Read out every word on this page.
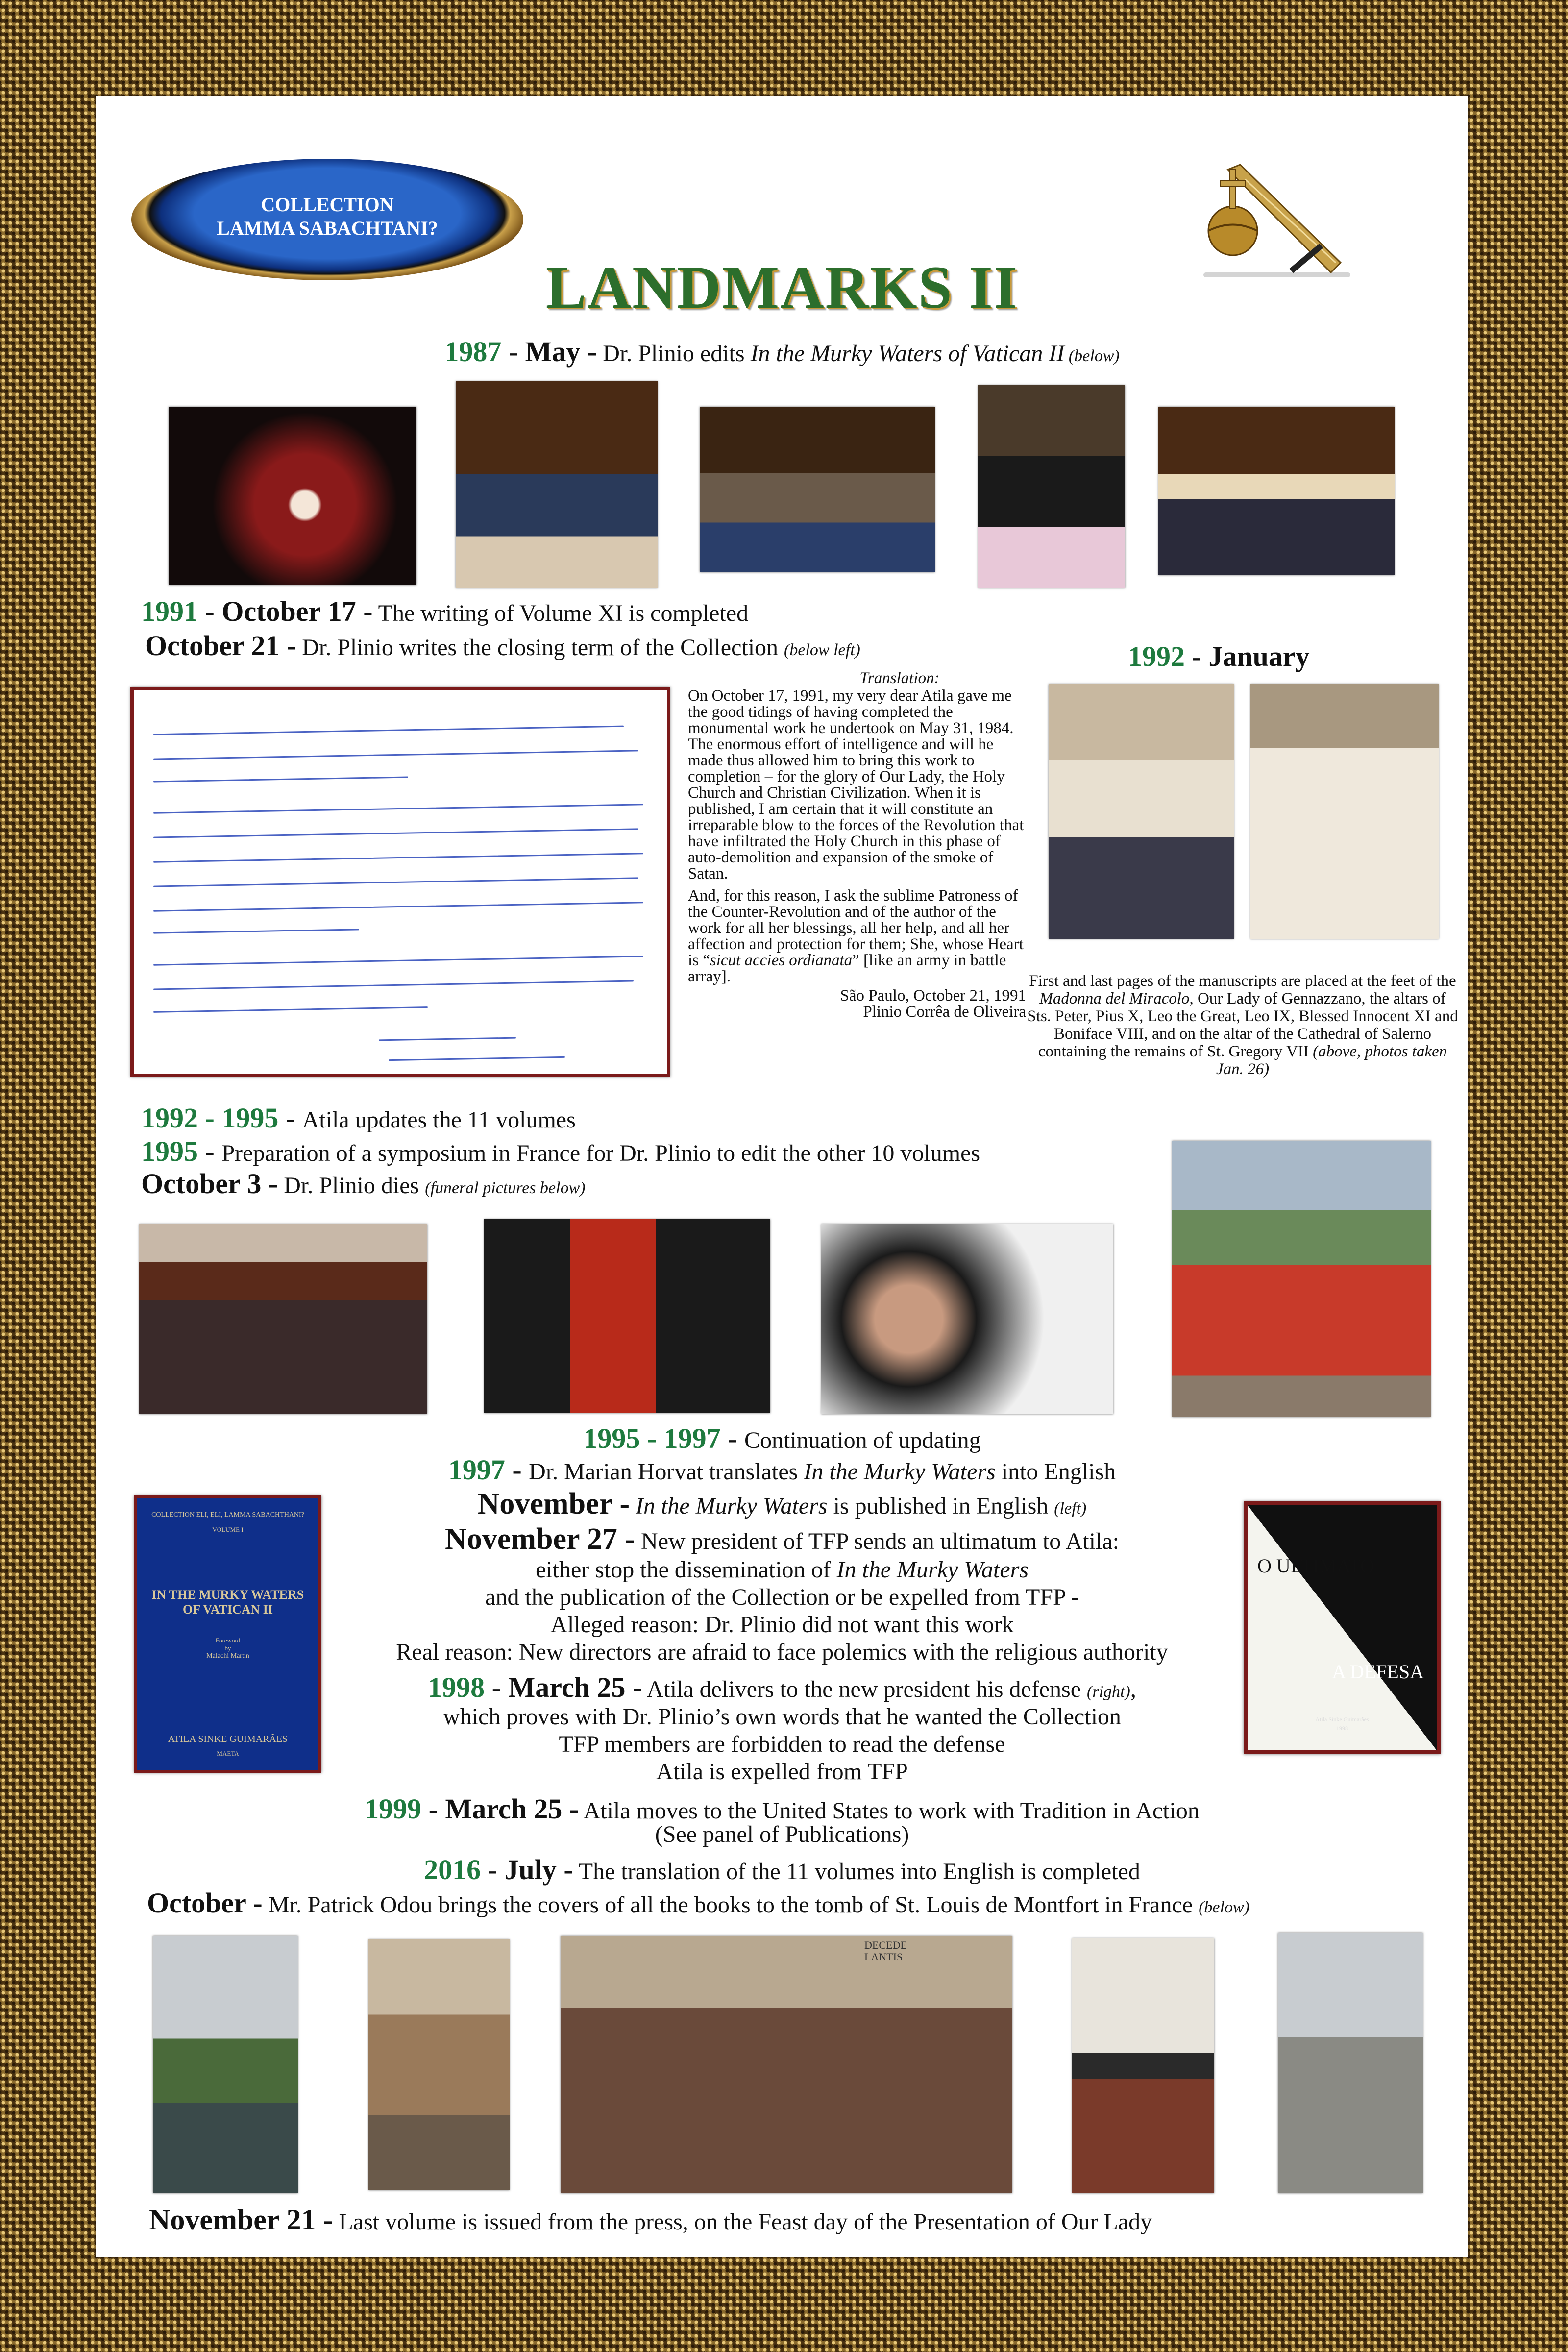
COLLECTION
LAMMA SABACHTANI?
LANDMARKS II
1987 - May - Dr. Plinio edits In the Murky Waters of Vatican II (below)
1991 - October 17 - The writing of Volume XI is completed
October 21 - Dr. Plinio writes the closing term of the Collection (below left)	1992 - January
Translation:

On October 17, 1991, my very dear Atila gave me the good tidings of having completed the monumental work he undertook on May 31, 1984. The enormous effort of intelligence and will he made thus allowed him to bring this work to completion – for the glory of Our Lady, the Holy Church and Christian Civilization. When it is published, I am certain that it will constitute an irreparable blow to the forces of the Revolution that have infiltrated the Holy Church in this phase of auto-demolition and expansion of the smoke of Satan.

And, for this reason, I ask the sublime Patroness of the Counter-Revolution and of the author of the work for all her blessings, all her help, and all her affection and protection for them; She, whose Heart is “sicut accies ordianata” [like an army in battle array].

São Paulo, October 21, 1991
Plinio Corrêa de Oliveira
First and last pages of the manuscripts are placed at the feet of the Madonna del Miracolo, Our Lady of Gennazzano, the altars of Sts. Peter, Pius X, Leo the Great, Leo IX, Blessed Innocent XI and Boniface VIII, and on the altar of the Cathedral of Salerno containing the remains of St. Gregory VII (above, photos taken Jan. 26)
1992 - 1995 - Atila updates the 11 volumes
1995 - Preparation of a symposium in France for Dr. Plinio to edit the other 10 volumes
October 3 - Dr. Plinio dies (funeral pictures below)
1995 - 1997 - Continuation of updating
1997 - Dr. Marian Horvat translates In the Murky Waters into English
November - In the Murky Waters is published in English (left)
November 27 - New president of TFP sends an ultimatum to Atila:
either stop the dissemination of In the Murky Waters
and the publication of the Collection or be expelled from TFP -
Alleged reason: Dr. Plinio did not want this work
Real reason: New directors are afraid to face polemics with the religious authority
1998 - March 25 - Atila delivers to the new president his defense (right),
which proves with Dr. Plinio’s own words that he wanted the Collection
TFP members are forbidden to read the defense
Atila is expelled from TFP
COLLECTION ELI, ELI, LAMMA SABACHTHANI?
VOLUME I
IN THE MURKY WATERS OF VATICAN II
Foreword
by
Malachi Martin
ATILA SINKE GUIMARÃES
MAETA
O ULTIMATO
A DEFESA
Atila Sinke Guimarães
– 1998 –
1999 - March 25 - Atila moves to the United States to work with Tradition in Action
(See panel of Publications)
2016 - July - The translation of the 11 volumes into English is completed
October - Mr. Patrick Odou brings the covers of all the books to the tomb of St. Louis de Montfort in France (below)
DECEDE
LANTIS
November 21 - Last volume is issued from the press, on the Feast day of the Presentation of Our Lady
